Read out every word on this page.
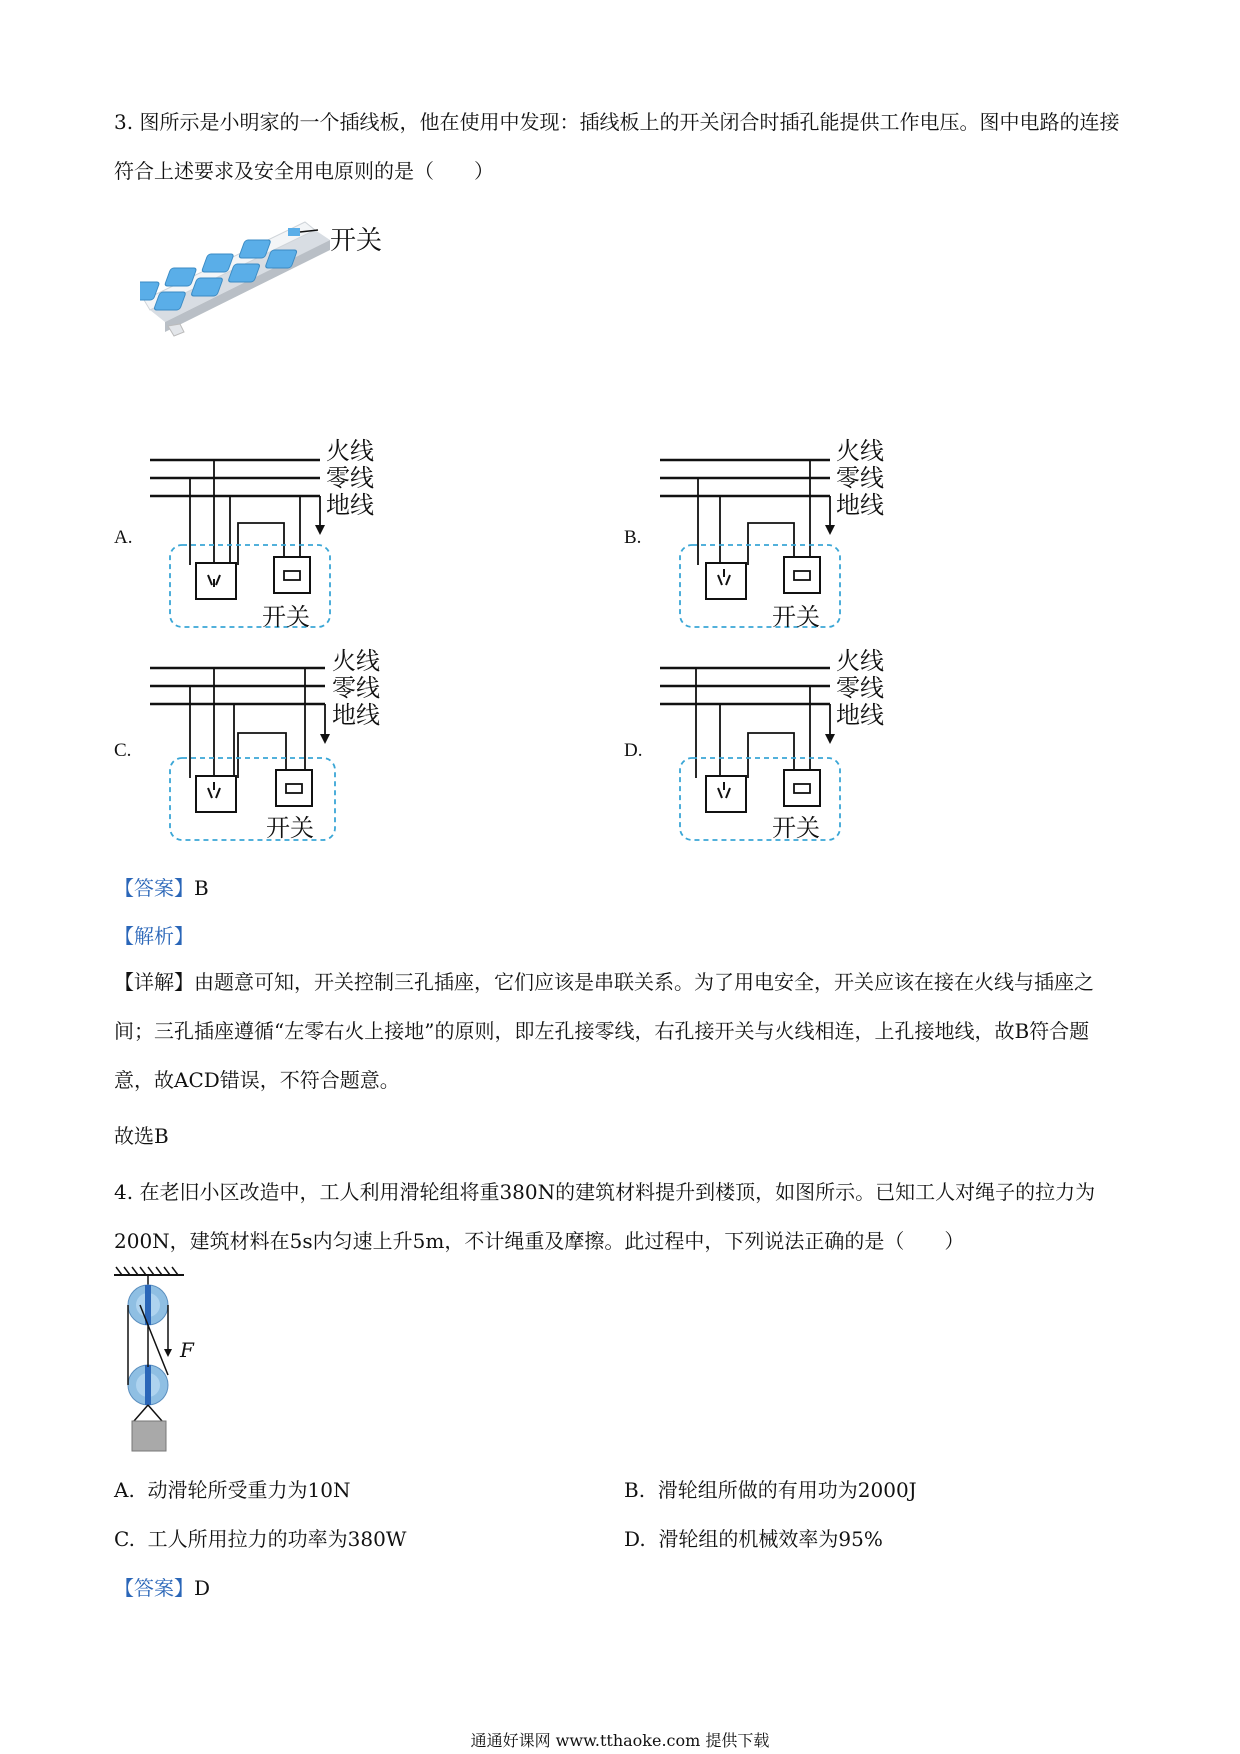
3. 图所示是小明家的一个插线板，他在使用中发现：插线板上的开关闭合时插孔能提供工作电压。图中电路的连接符合上述要求及安全用电原则的是（　　）

开关
A.	B.
C.	D.
火线
零线
地线
开关
火线
零线
地线
开关
火线
零线
地线
开关
火线
零线
地线
开关
【答案】B
【解析】

【详解】由题意可知，开关控制三孔插座，它们应该是串联关系。为了用电安全，开关应该在接在火线与插座之间；三孔插座遵循“左零右火上接地”的原则，即左孔接零线，右孔接开关与火线相连，上孔接地线，故B符合题意，故ACD错误，不符合题意。

故选B

4. 在老旧小区改造中，工人利用滑轮组将重380N的建筑材料提升到楼顶，如图所示。已知工人对绳子的拉力为200N，建筑材料在5s内匀速上升5m，不计绳重及摩擦。此过程中，下列说法正确的是（　　）

F
A. 动滑轮所受重力为10N	B. 滑轮组所做的有用功为2000J
C. 工人所用拉力的功率为380W	D. 滑轮组的机械效率为95%
【答案】D
通通好课网 www.tthaoke.com 提供下载
